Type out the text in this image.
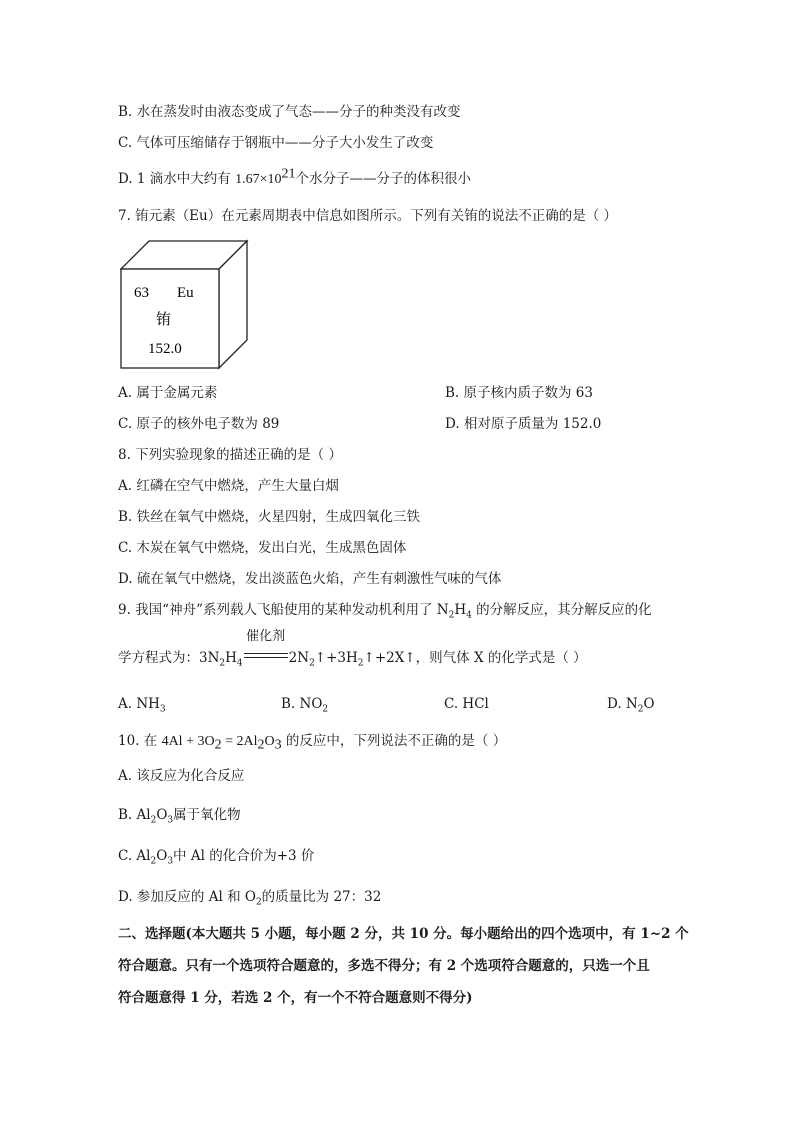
B. 水在蒸发时由液态变成了气态——分子的种类没有改变
C. 气体可压缩储存于钢瓶中——分子大小发生了改变
D. 1 滴水中大约有 $1.67\times 10^{21}$个水分子——分子的体积很小
7. 铕元素（Eu）在元素周期表中信息如图所示。下列有关铕的说法不正确的是（ ）
63 Eu
铕
152.0
A. 属于金属元素	B. 原子核内质子数为 63
C. 原子的核外电子数为 89	D. 相对原子质量为 152.0
8. 下列实验现象的描述正确的是（ ）
A. 红磷在空气中燃烧，产生大量白烟
B. 铁丝在氧气中燃烧，火星四射，生成四氧化三铁
C. 木炭在氧气中燃烧，发出白光，生成黑色固体
D. 硫在氧气中燃烧，发出淡蓝色火焰，产生有刺激性气味的气体
9. 我国“神舟”系列载人飞船使用的某种发动机利用了 $N_2H_4$ 的分解反应，其分解反应的化
学方程式为：$3N_2H_4$
催化剂
$2N_2↑+3H_2↑+2X↑$，则气体 X 的化学式是（ ）
A. $NH_3$	B. $NO_2$	C. HCl	D. $N_2O$
10. 在 $4Al + 3O_2 = 2Al_2O_3$ 的反应中，下列说法不正确的是（ ）
A. 该反应为化合反应
B. $Al_2O_3$属于氧化物
C. $Al_2O_3$中 Al 的化合价为+3 价
D. 参加反应的 Al 和 $O_2$的质量比为 27：32
二、选择题(本大题共 5 小题，每小题 2 分，共 10 分。每小题给出的四个选项中，有 1~2 个
符合题意。只有一个选项符合题意的，多选不得分；有 2 个选项符合题意的，只选一个且
符合题意得 1 分，若选 2 个，有一个不符合题意则不得分)
